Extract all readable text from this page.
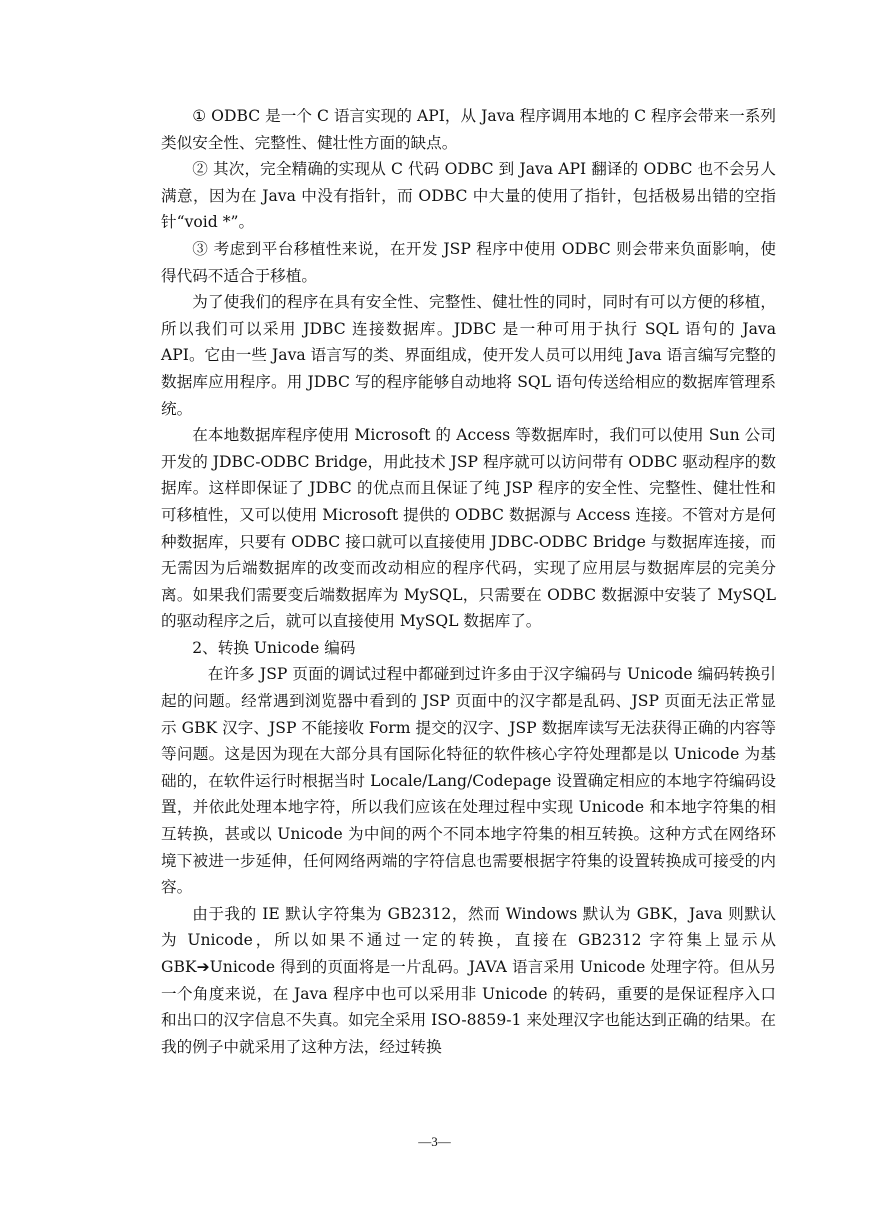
① ODBC 是一个 C 语言实现的 API，从 Java 程序调用本地的 C 程序会带来一系列类似安全性、完整性、健壮性方面的缺点。

② 其次，完全精确的实现从 C 代码 ODBC 到 Java API 翻译的 ODBC 也不会另人满意，因为在 Java 中没有指针，而 ODBC 中大量的使用了指针，包括极易出错的空指针“void *”。

③ 考虑到平台移植性来说，在开发 JSP 程序中使用 ODBC 则会带来负面影响，使得代码不适合于移植。

为了使我们的程序在具有安全性、完整性、健壮性的同时，同时有可以方便的移植，所以我们可以采用 JDBC 连接数据库。JDBC 是一种可用于执行 SQL 语句的 Java API。它由一些 Java 语言写的类、界面组成，使开发人员可以用纯 Java 语言编写完整的数据库应用程序。用 JDBC 写的程序能够自动地将 SQL 语句传送给相应的数据库管理系统。

在本地数据库程序使用 Microsoft 的 Access 等数据库时，我们可以使用 Sun 公司开发的 JDBC-ODBC Bridge，用此技术 JSP 程序就可以访问带有 ODBC 驱动程序的数据库。这样即保证了 JDBC 的优点而且保证了纯 JSP 程序的安全性、完整性、健壮性和可移植性，又可以使用 Microsoft 提供的 ODBC 数据源与 Access 连接。不管对方是何种数据库，只要有 ODBC 接口就可以直接使用 JDBC-ODBC Bridge 与数据库连接，而无需因为后端数据库的改变而改动相应的程序代码，实现了应用层与数据库层的完美分离。如果我们需要变后端数据库为 MySQL，只需要在 ODBC 数据源中安装了 MySQL 的驱动程序之后，就可以直接使用 MySQL 数据库了。

2、转换 Unicode 编码

在许多 JSP 页面的调试过程中都碰到过许多由于汉字编码与 Unicode 编码转换引起的问题。经常遇到浏览器中看到的 JSP 页面中的汉字都是乱码、JSP 页面无法正常显示 GBK 汉字、JSP 不能接收 Form 提交的汉字、JSP 数据库读写无法获得正确的内容等等问题。这是因为现在大部分具有国际化特征的软件核心字符处理都是以 Unicode 为基础的，在软件运行时根据当时 Locale/Lang/Codepage 设置确定相应的本地字符编码设置，并依此处理本地字符，所以我们应该在处理过程中实现 Unicode 和本地字符集的相互转换，甚或以 Unicode 为中间的两个不同本地字符集的相互转换。这种方式在网络环境下被进一步延伸，任何网络两端的字符信息也需要根据字符集的设置转换成可接受的内容。

由于我的 IE 默认字符集为 GB2312，然而 Windows 默认为 GBK，Java 则默认为 Unicode，所以如果不通过一定的转换，直接在 GB2312 字符集上显示从 GBK➔Unicode 得到的页面将是一片乱码。JAVA 语言采用 Unicode 处理字符。但从另一个角度来说，在 Java 程序中也可以采用非 Unicode 的转码，重要的是保证程序入口和出口的汉字信息不失真。如完全采用 ISO-8859-1 来处理汉字也能达到正确的结果。在我的例子中就采用了这种方法，经过转换

—3—
